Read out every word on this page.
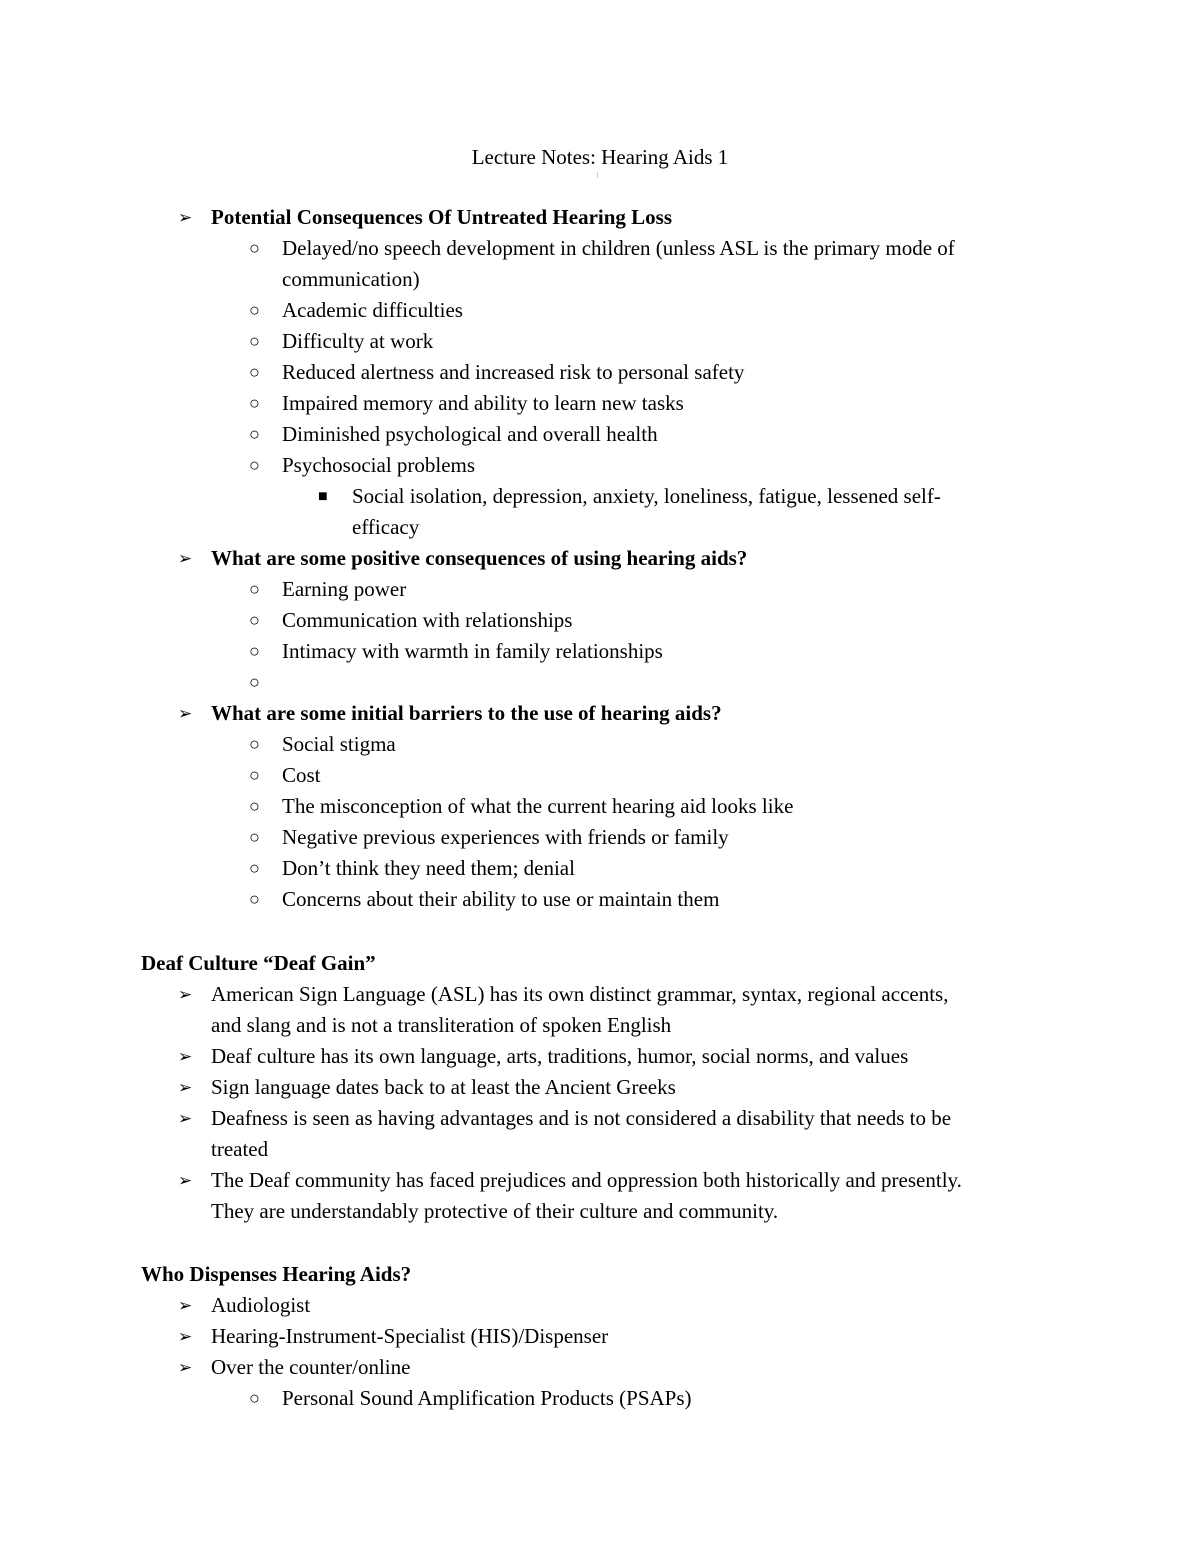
Lecture Notes: Hearing Aids 1
➢ Potential Consequences Of Untreated Hearing Loss
○ Delayed/no speech development in children (unless ASL is the primary mode of
communication)
○ Academic difficulties
○ Difficulty at work
○ Reduced alertness and increased risk to personal safety
○ Impaired memory and ability to learn new tasks
○ Diminished psychological and overall health
○ Psychosocial problems
■ Social isolation, depression, anxiety, loneliness, fatigue, lessened self-
efficacy
➢ What are some positive consequences of using hearing aids?
○ Earning power
○ Communication with relationships
○ Intimacy with warmth in family relationships
○
➢ What are some initial barriers to the use of hearing aids?
○ Social stigma
○ Cost
○ The misconception of what the current hearing aid looks like
○ Negative previous experiences with friends or family
○ Don’t think they need them; denial
○ Concerns about their ability to use or maintain them
Deaf Culture “Deaf Gain”
➢ American Sign Language (ASL) has its own distinct grammar, syntax, regional accents,
and slang and is not a transliteration of spoken English
➢ Deaf culture has its own language, arts, traditions, humor, social norms, and values
➢ Sign language dates back to at least the Ancient Greeks
➢ Deafness is seen as having advantages and is not considered a disability that needs to be
treated
➢ The Deaf community has faced prejudices and oppression both historically and presently.
They are understandably protective of their culture and community.
Who Dispenses Hearing Aids?
➢ Audiologist
➢ Hearing-Instrument-Specialist (HIS)/Dispenser
➢ Over the counter/online
○ Personal Sound Amplification Products (PSAPs)
